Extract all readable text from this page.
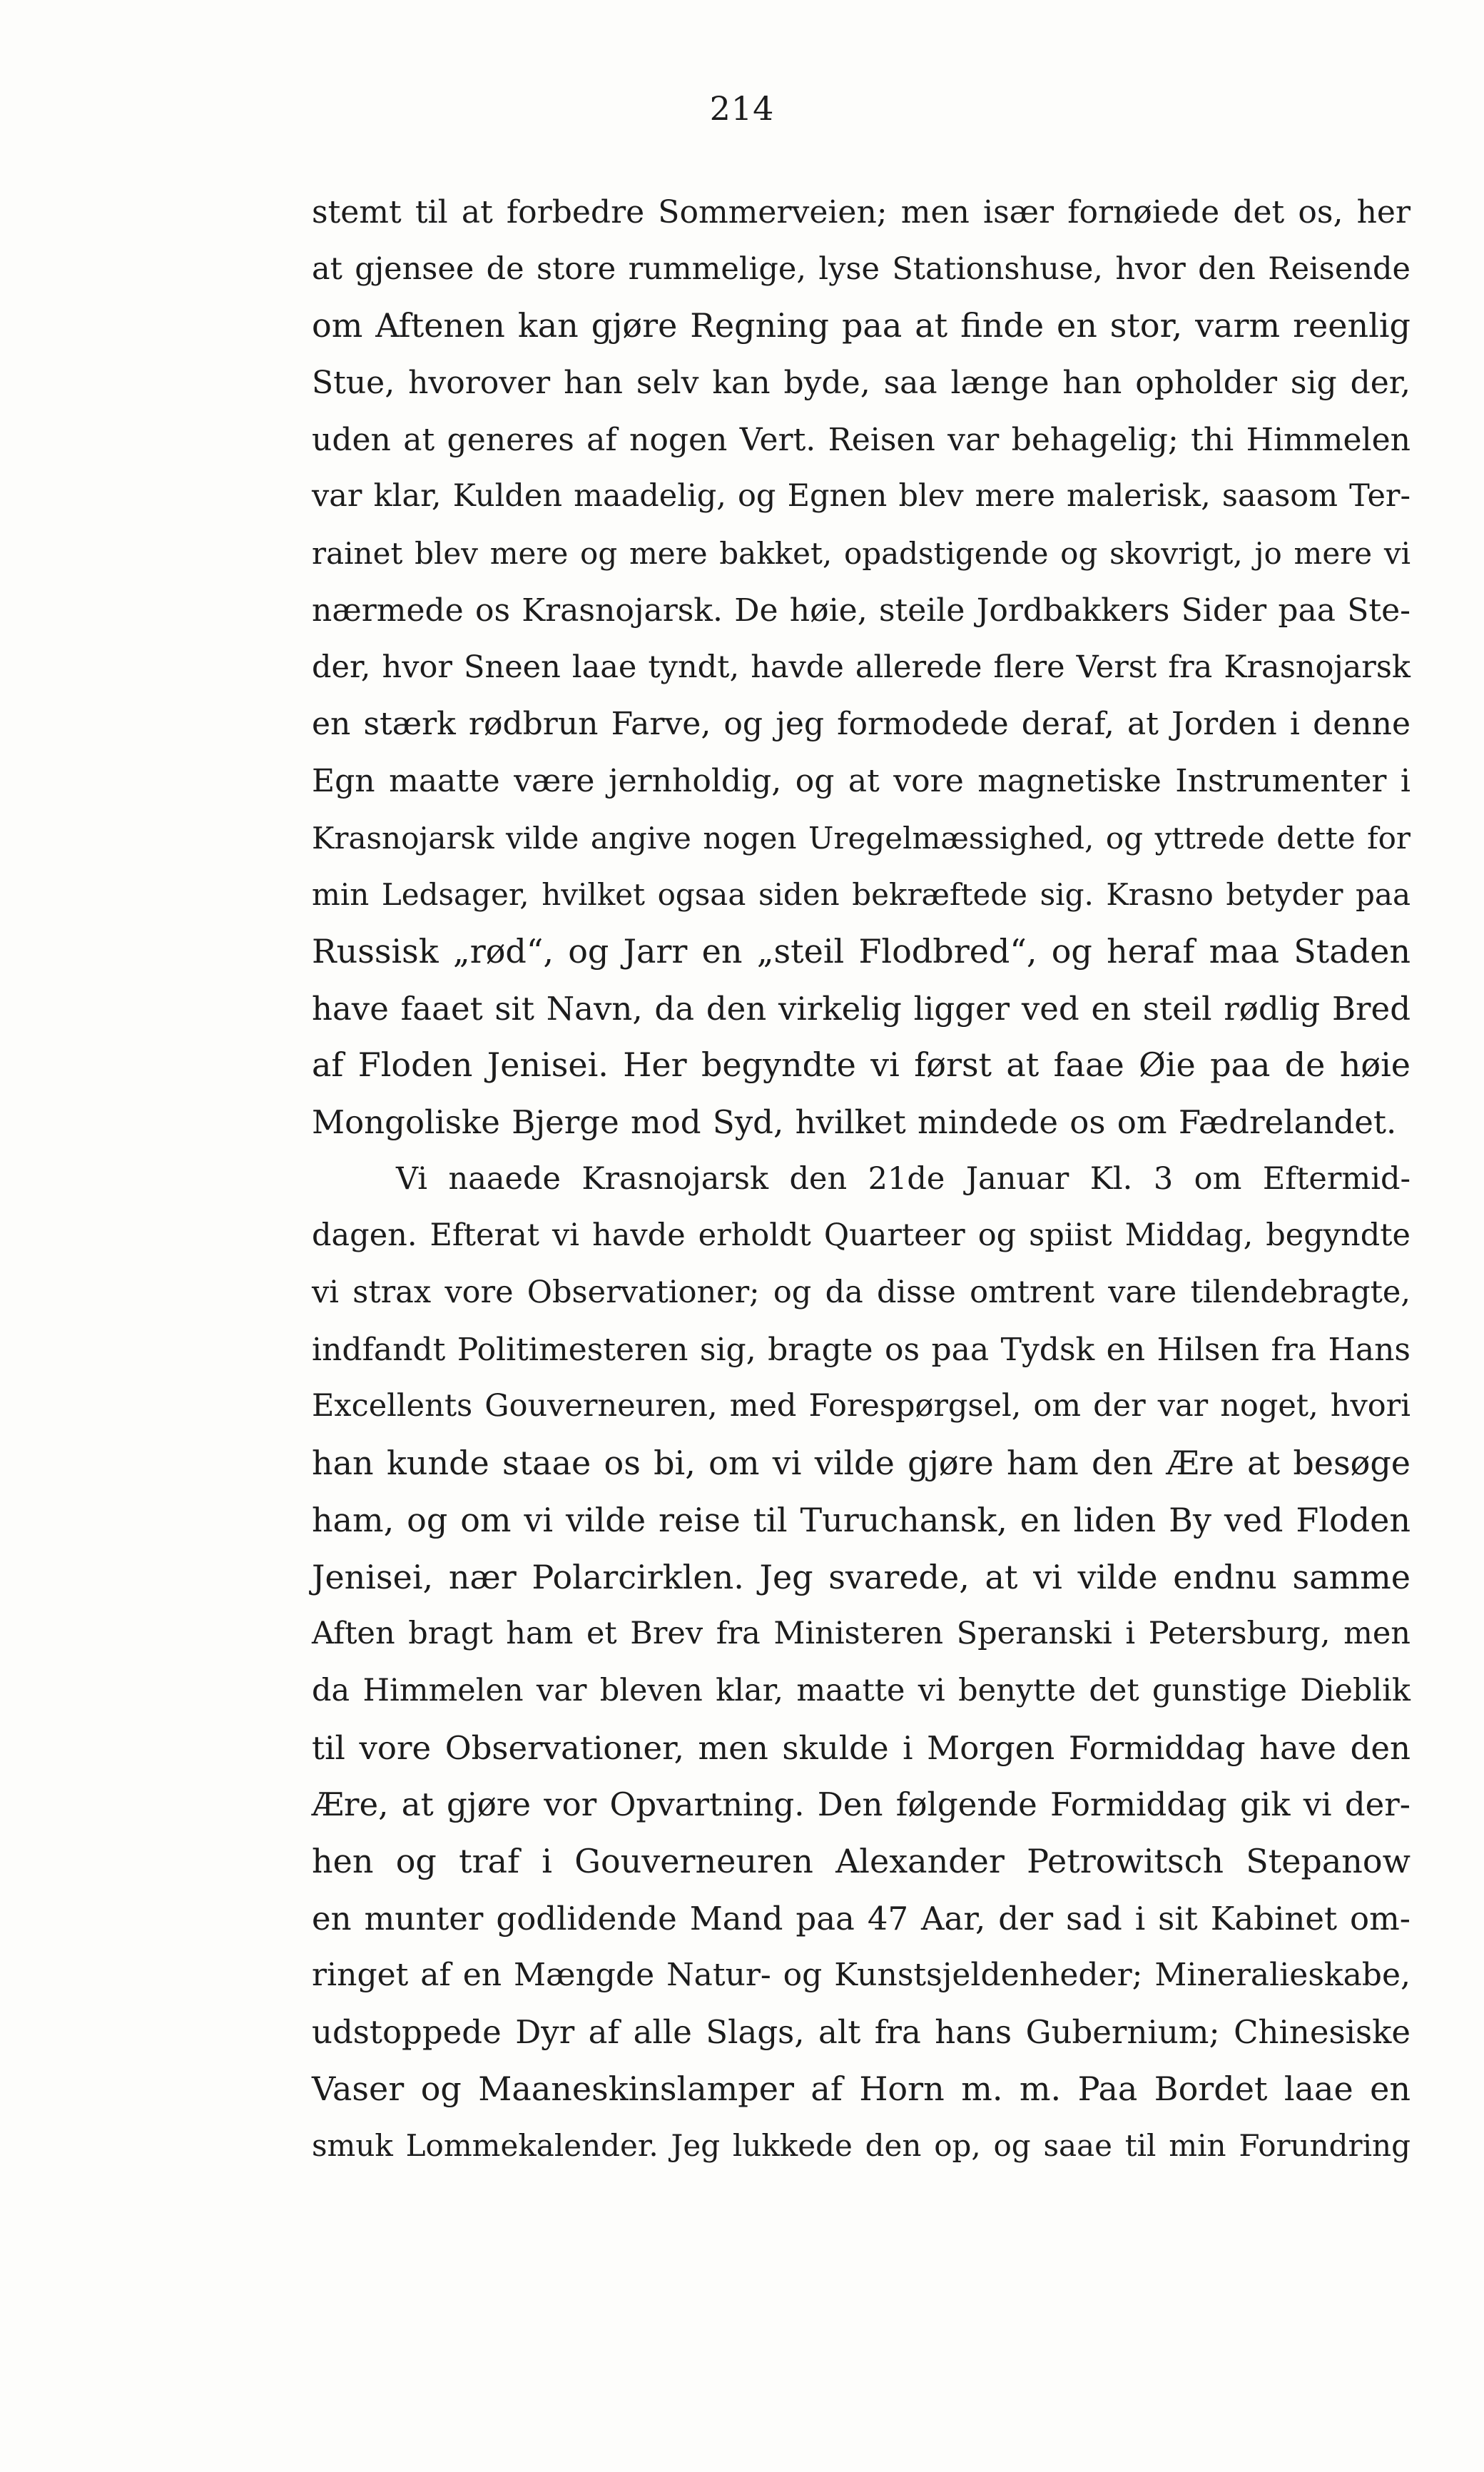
214
stemt til at forbedre Sommerveien; men især fornøiede det os, her
at gjensee de store rummelige, lyse Stationshuse, hvor den Reisende
om Aftenen kan gjøre Regning paa at finde en stor, varm reenlig
Stue, hvorover han selv kan byde, saa længe han opholder sig der,
uden at generes af nogen Vert. Reisen var behagelig; thi Himmelen
var klar, Kulden maadelig, og Egnen blev mere malerisk, saasom Ter-
rainet blev mere og mere bakket, opadstigende og skovrigt, jo mere vi
nærmede os Krasnojarsk. De høie, steile Jordbakkers Sider paa Ste-
der, hvor Sneen laae tyndt, havde allerede flere Verst fra Krasnojarsk
en stærk rødbrun Farve, og jeg formodede deraf, at Jorden i denne
Egn maatte være jernholdig, og at vore magnetiske Instrumenter i
Krasnojarsk vilde angive nogen Uregelmæssighed, og yttrede dette for
min Ledsager, hvilket ogsaa siden bekræftede sig. Krasno betyder paa
Russisk „rød“, og Jarr en „steil Flodbred“, og heraf maa Staden
have faaet sit Navn, da den virkelig ligger ved en steil rødlig Bred
af Floden Jenisei. Her begyndte vi først at faae Øie paa de høie
Mongoliske Bjerge mod Syd, hvilket mindede os om Fædrelandet.
Vi naaede Krasnojarsk den 21de Januar Kl. 3 om Eftermid-
dagen. Efterat vi havde erholdt Quarteer og spiist Middag, begyndte
vi strax vore Observationer; og da disse omtrent vare tilendebragte,
indfandt Politimesteren sig, bragte os paa Tydsk en Hilsen fra Hans
Excellents Gouverneuren, med Forespørgsel, om der var noget, hvori
han kunde staae os bi, om vi vilde gjøre ham den Ære at besøge
ham, og om vi vilde reise til Turuchansk, en liden By ved Floden
Jenisei, nær Polarcirklen. Jeg svarede, at vi vilde endnu samme
Aften bragt ham et Brev fra Ministeren Speranski i Petersburg, men
da Himmelen var bleven klar, maatte vi benytte det gunstige Dieblik
til vore Observationer, men skulde i Morgen Formiddag have den
Ære, at gjøre vor Opvartning. Den følgende Formiddag gik vi der-
hen og traf i Gouverneuren Alexander Petrowitsch Stepanow
en munter godlidende Mand paa 47 Aar, der sad i sit Kabinet om-
ringet af en Mængde Natur- og Kunstsjeldenheder; Mineralieskabe,
udstoppede Dyr af alle Slags, alt fra hans Gubernium; Chinesiske
Vaser og Maaneskinslamper af Horn m. m. Paa Bordet laae en
smuk Lommekalender. Jeg lukkede den op, og saae til min Forundring
